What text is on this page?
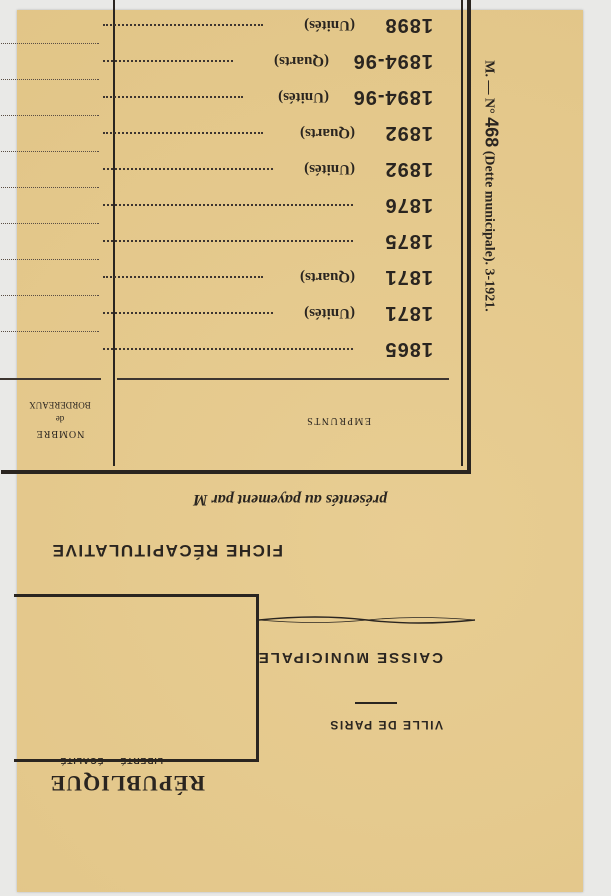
RÉPUBLIQUE
LIBERTÉ — ÉGALITÉ
VILLE DE PARIS
CAISSE MUNICIPALE
FICHE RÉCAPITULATIVE
présentés au payement par M
EMPRUNTS
NOMBRE
de
BORDEREAUX
1865
1871
(Unités)
1871
(Quarts)
1875
1876
1892
(Unités)
1892
(Quarts)
1894-96
(Unités)
1894-96
(Quarts)
1898
(Unités)
M. — N° 468 (Dette municipale). 3-1921.
